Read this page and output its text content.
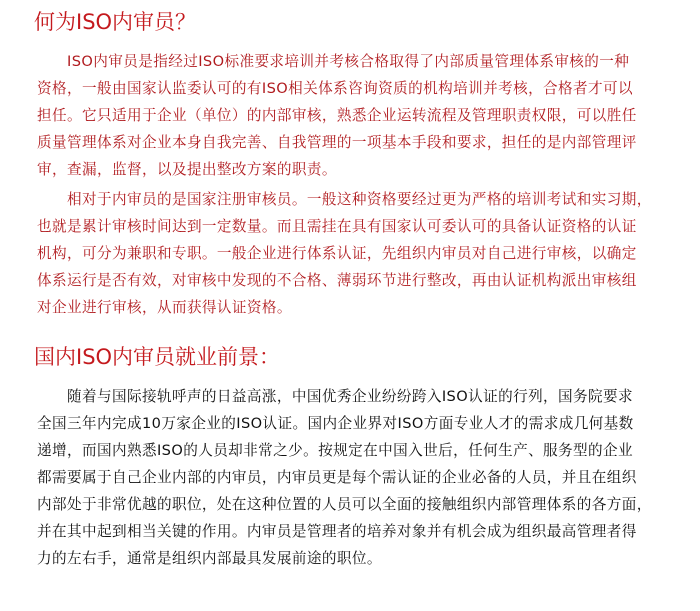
何为ISO内审员？
　　ISO内审员是指经过ISO标准要求培训并考核合格取得了内部质量管理体系审核的一种
资格，一般由国家认监委认可的有ISO相关体系咨询资质的机构培训并考核，合格者才可以
担任。它只适用于企业（单位）的内部审核，熟悉企业运转流程及管理职责权限，可以胜任
质量管理体系对企业本身自我完善、自我管理的一项基本手段和要求，担任的是内部管理评
审，查漏，监督，以及提出整改方案的职责。
　　相对于内审员的是国家注册审核员。一般这种资格要经过更为严格的培训考试和实习期，
也就是累计审核时间达到一定数量。而且需挂在具有国家认可委认可的具备认证资格的认证
机构，可分为兼职和专职。一般企业进行体系认证，先组织内审员对自己进行审核，以确定
体系运行是否有效，对审核中发现的不合格、薄弱环节进行整改，再由认证机构派出审核组
对企业进行审核，从而获得认证资格。
国内ISO内审员就业前景：
　　随着与国际接轨呼声的日益高涨，中国优秀企业纷纷跨入ISO认证的行列，国务院要求
全国三年内完成10万家企业的ISO认证。国内企业界对ISO方面专业人才的需求成几何基数
递增，而国内熟悉ISO的人员却非常之少。按规定在中国入世后，任何生产、服务型的企业
都需要属于自己企业内部的内审员，内审员更是每个需认证的企业必备的人员，并且在组织
内部处于非常优越的职位，处在这种位置的人员可以全面的接触组织内部管理体系的各方面，
并在其中起到相当关键的作用。内审员是管理者的培养对象并有机会成为组织最高管理者得
力的左右手，通常是组织内部最具发展前途的职位。
